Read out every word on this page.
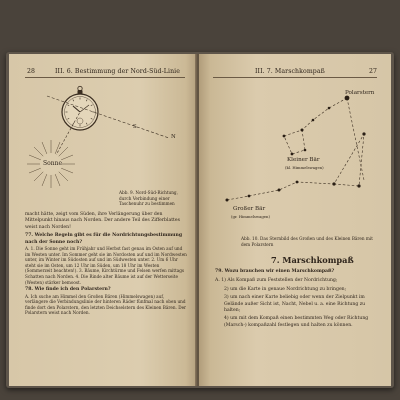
28	III. 6. Bestimmung der Nord-Süd-Linie
Sonne
S
N
Abb. 9. Nord-Süd-Richtung, durch Verbindung einer Taschenuhr zu bestimmen

macht hätte, zeigt vom Süden, ihre Verlängerung über den Mittelpunkt hinaus nach Norden. Der andere Teil des Zifferblattes weist nach Norden!

77. Welche Regeln gibt es für die Nordrichtungsbestimmung nach der Sonne noch?

A. 1. Die Sonne geht im Frühjahr und Herbst fast genau im Osten auf und im Westen unter. Im Sommer geht sie im Nordosten auf und im Nordwesten unter, im Winter im Südosten auf und im Südwesten unter. 2. Um 6 Uhr steht sie im Osten, um 12 Uhr im Süden, um 18 Uhr im Westen (Sommerzeit beachten!). 3. Bäume, Kirchtürme und Felsen werfen mittags Schatten nach Norden. 4. Die Rinde alter Bäume ist auf der Wetterseite (Westen) stärker bemoost.

78. Wie finde ich den Polarstern?

A. Ich suche am Himmel den Großen Bären (Himmelswagen) auf, verlängere die Verbindungslinie der hinteren Räder fünfmal nach oben und finde dort den Polarstern, den letzten Deichselstern des Kleinen Bären. Der Polarstern weist nach Norden.

III. 7. Marschkompaß	27
Polarstern
Kleiner Bär
(kl. Himmelswagen)
Großer Bär
(gr. Himmelswagen)
Abb. 10. Das Sternbild des Großen und des Kleinen Bären mit dem Polarstern
7. Marschkompaß

79. Wozu brauchen wir einen Marschkompaß?

A. 1) Als Kompaß zum Feststellen der Nordrichtung;

2) um die Karte in genaue Nordrichtung zu bringen;

3) um nach einer Karte beliebig oder wenn der Zielpunkt im Gelände außer Sicht ist, Nacht, Nebel u. a. eine Richtung zu halten;

4) um mit dem Kompaß einen bestimmten Weg oder Richtung (Marsch-) kompaßzahl festlegen und halten zu können.
